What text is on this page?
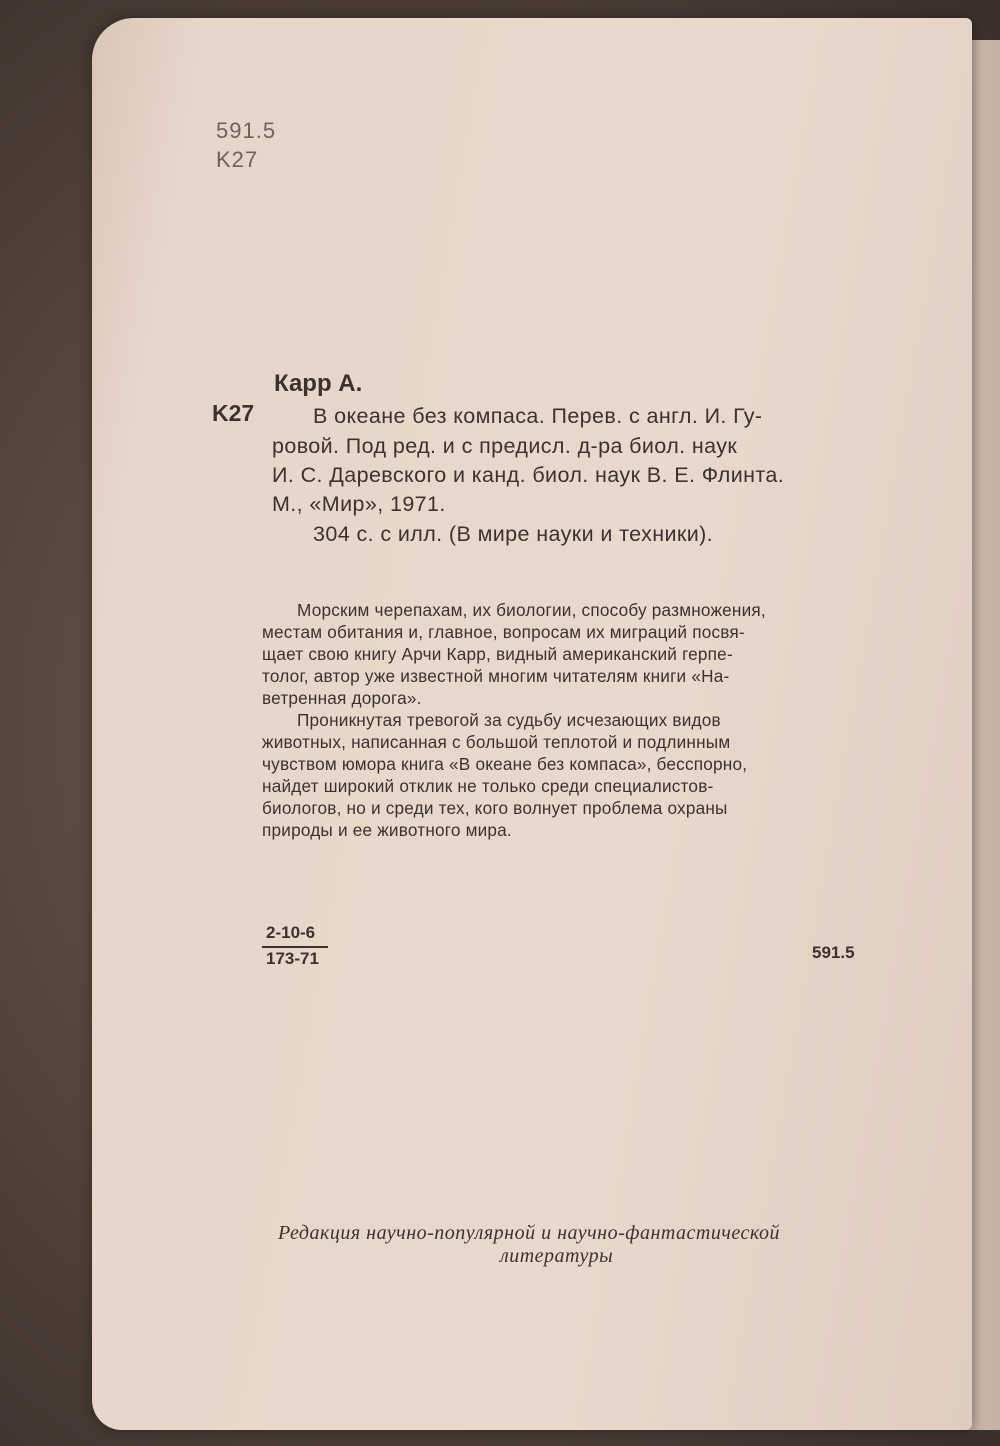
591.5
K27
Карр А.
K27	В океане без компаса. Перев. с англ. И. Гу-
ровой. Под ред. и с предисл. д-ра биол. наук
И. С. Даревского и канд. биол. наук В. Е. Флинта.
М., «Мир», 1971.
304 с. с илл. (В мире науки и техники).
Морским черепахам, их биологии, способу размножения,
местам обитания и, главное, вопросам их миграций посвя-
щает свою книгу Арчи Карр, видный американский герпе-
толог, автор уже известной многим читателям книги «На-
ветренная дорога».
Проникнутая тревогой за судьбу исчезающих видов
животных, написанная с большой теплотой и подлинным
чувством юмора книга «В океане без компаса», бесспорно,
найдет широкий отклик не только среди специалистов-
биологов, но и среди тех, кого волнует проблема охраны
природы и ее животного мира.
2-10-6
173-71	591.5
Редакция научно-популярной и научно-фантастической
литературы
